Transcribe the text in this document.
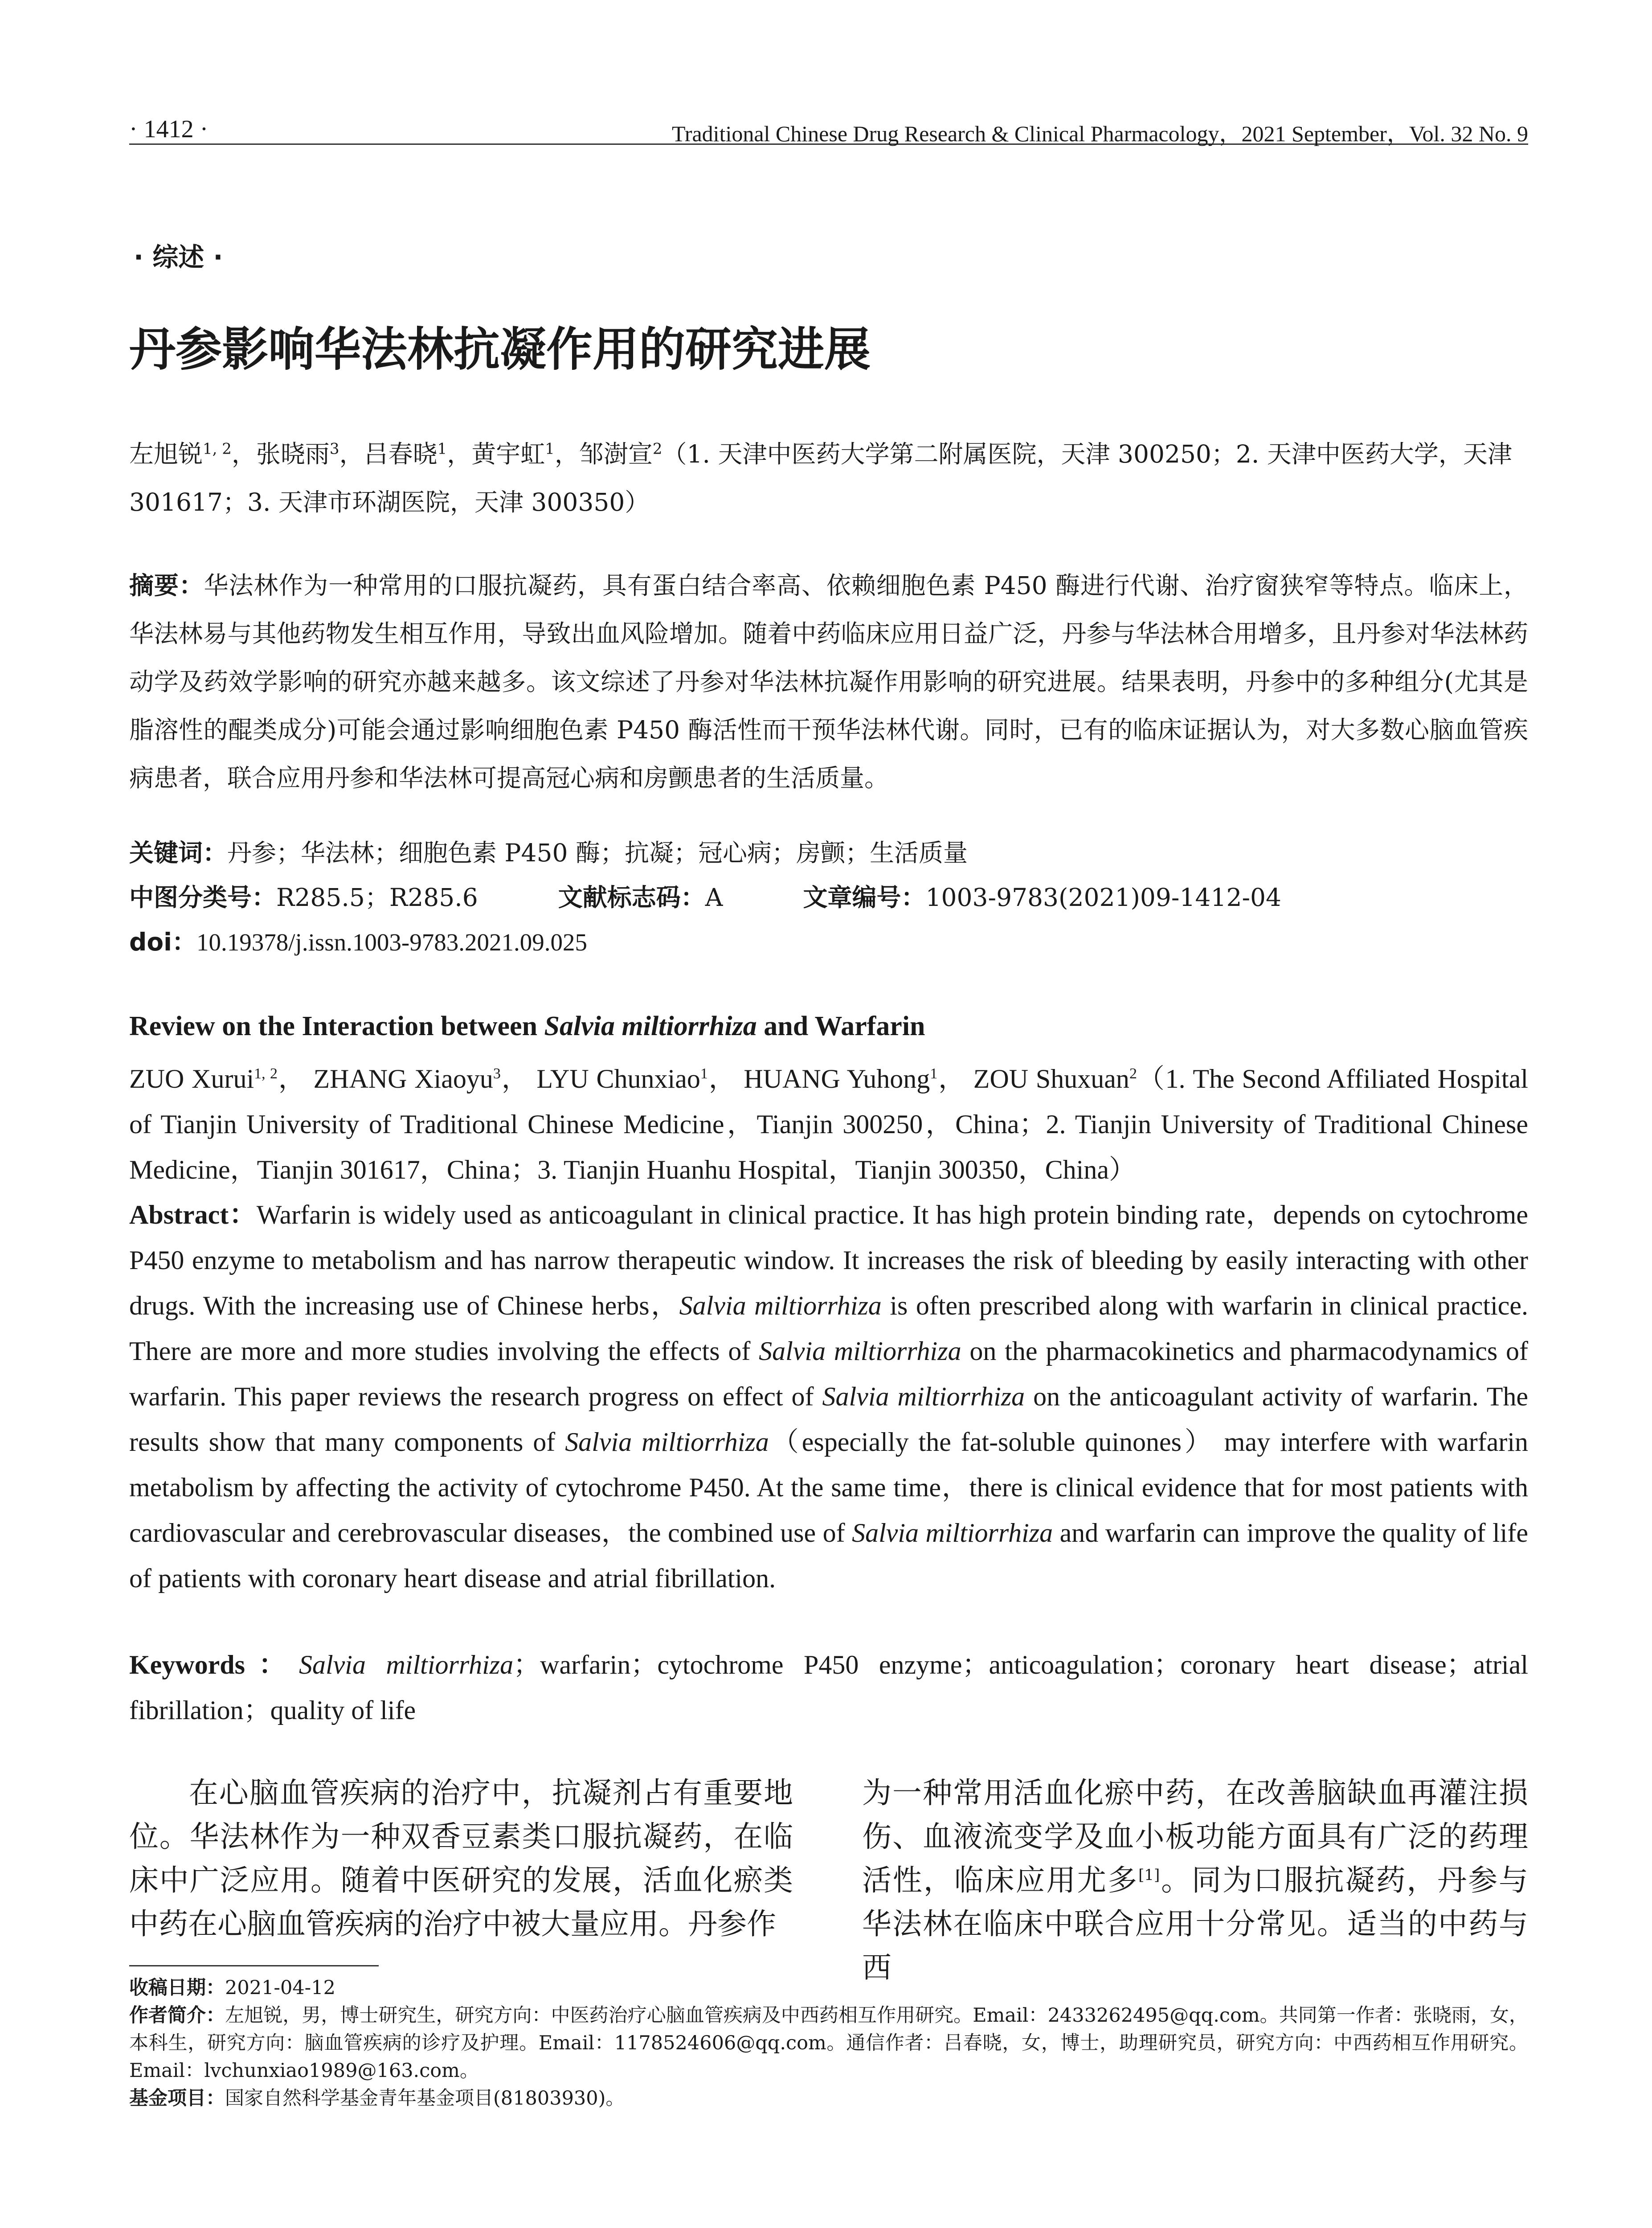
· 1412 ·	Traditional Chinese Drug Research & Clinical Pharmacology，2021 September，Vol. 32 No. 9
· 综述 ·
丹参影响华法林抗凝作用的研究进展
左旭锐$^{1, 2}$，张晓雨$^3$，吕春晓$^1$，黄宇虹$^1$，邹澍宣$^2$（1. 天津中医药大学第二附属医院，天津 300250；2. 天津中医药大学，天津 301617；3. 天津市环湖医院，天津 300350）
摘要：华法林作为一种常用的口服抗凝药，具有蛋白结合率高、依赖细胞色素 P450 酶进行代谢、治疗窗狭窄等特点。临床上，华法林易与其他药物发生相互作用，导致出血风险增加。随着中药临床应用日益广泛，丹参与华法林合用增多，且丹参对华法林药动学及药效学影响的研究亦越来越多。该文综述了丹参对华法林抗凝作用影响的研究进展。结果表明，丹参中的多种组分(尤其是脂溶性的醌类成分)可能会通过影响细胞色素 P450 酶活性而干预华法林代谢。同时，已有的临床证据认为，对大多数心脑血管疾病患者，联合应用丹参和华法林可提高冠心病和房颤患者的生活质量。
关键词：丹参；华法林；细胞色素 P450 酶；抗凝；冠心病；房颤；生活质量
中图分类号：R285.5；R285.6	文献标志码：A	文章编号：1003-9783(2021)09-1412-04
doi：10.19378/j.issn.1003-9783.2021.09.025
Review on the Interaction between Salvia miltiorrhiza and Warfarin
ZUO Xurui$^{1, 2}$， ZHANG Xiaoyu$^3$， LYU Chunxiao$^1$， HUANG Yuhong$^1$， ZOU Shuxuan$^2$（1. The Second Affiliated Hospital of Tianjin University of Traditional Chinese Medicine，Tianjin 300250，China；2. Tianjin University of Traditional Chinese Medicine，Tianjin 301617，China；3. Tianjin Huanhu Hospital，Tianjin 300350，China）
Abstract：Warfarin is widely used as anticoagulant in clinical practice. It has high protein binding rate，depends on cytochrome P450 enzyme to metabolism and has narrow therapeutic window. It increases the risk of bleeding by easily interacting with other drugs. With the increasing use of Chinese herbs，Salvia miltiorrhiza is often prescribed along with warfarin in clinical practice. There are more and more studies involving the effects of Salvia miltiorrhiza on the pharmacokinetics and pharmacodynamics of warfarin. This paper reviews the research progress on effect of Salvia miltiorrhiza on the anticoagulant activity of warfarin. The results show that many components of Salvia miltiorrhiza（especially the fat-soluble quinones） may interfere with warfarin metabolism by affecting the activity of cytochrome P450. At the same time，there is clinical evidence that for most patients with cardiovascular and cerebrovascular diseases，the combined use of Salvia miltiorrhiza and warfarin can improve the quality of life of patients with coronary heart disease and atrial fibrillation.
Keywords：Salvia miltiorrhiza；warfarin；cytochrome P450 enzyme；anticoagulation；coronary heart disease；atrial fibrillation；quality of life
在心脑血管疾病的治疗中，抗凝剂占有重要地位。华法林作为一种双香豆素类口服抗凝药，在临床中广泛应用。随着中医研究的发展，活血化瘀类中药在心脑血管疾病的治疗中被大量应用。丹参作
为一种常用活血化瘀中药，在改善脑缺血再灌注损伤、血液流变学及血小板功能方面具有广泛的药理活性，临床应用尤多[1]。同为口服抗凝药，丹参与华法林在临床中联合应用十分常见。适当的中药与西
收稿日期：2021-04-12
作者简介：左旭锐，男，博士研究生，研究方向：中医药治疗心脑血管疾病及中西药相互作用研究。Email：2433262495@qq.com。共同第一作者：张晓雨，女，本科生，研究方向：脑血管疾病的诊疗及护理。Email：1178524606@qq.com。通信作者：吕春晓，女，博士，助理研究员，研究方向：中西药相互作用研究。Email：lvchunxiao1989@163.com。
基金项目：国家自然科学基金青年基金项目(81803930)。
